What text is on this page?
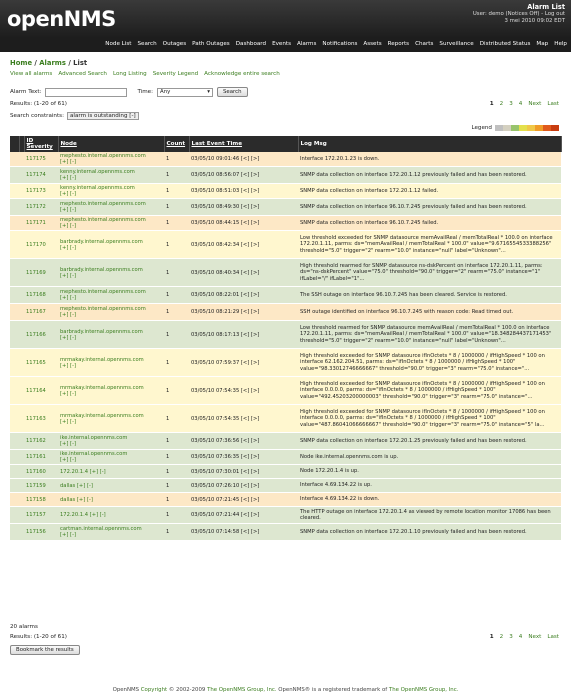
openNMS	Alarm List
User: demo (Notices Off) - Log out
3 mei 2010 09:02 EDT
Node List Search Outages Path Outages Dashboard Events Alarms Notifications Assets Reports Charts Surveillance Distributed Status Map Help
Home / Alarms / List
View all alarms Advanced Search Long Listing Severity Legend Acknowledge entire search
Alarm Text:	Time:	Any	▾	Search
Results: (1-20 of 61)	1 2 3 4 Next Last
Search constraints:	alarm is outstanding [-]
Legend
		ID
Severity	Node	Count	Last Event Time	Log Msg

	117175	mephesto.internal.opennms.com
[+] [-]	1	03/05/10 09:01:46 [<] [>]	Interface 172.20.1.23 is down.

	117174	kenny.internal.opennms.com
[+] [-]	1	03/05/10 08:56:07 [<] [>]	SNMP data collection on interface 172.20.1.12 previously failed and has been restored.

	117173	kenny.internal.opennms.com
[+] [-]	1	03/05/10 08:51:03 [<] [>]	SNMP data collection on interface 172.20.1.12 failed.

	117172	mephesto.internal.opennms.com
[+] [-]	1	03/05/10 08:49:30 [<] [>]	SNMP data collection on interface 96.10.7.245 previously failed and has been restored.

	117171	mephesto.internal.opennms.com
[+] [-]	1	03/05/10 08:44:15 [<] [>]	SNMP data collection on interface 96.10.7.245 failed.

	117170	barbrady.internal.opennms.com
[+] [-]	1	03/05/10 08:42:34 [<] [>]	Low threshold exceeded for SNMP datasource memAvailReal / memTotalReal * 100.0 on interface 172.20.1.11, parms: ds="memAvailReal / memTotalReal * 100.0" value="9.6716554533388256" threshold="5.0" trigger="2" rearm="10.0" instance="null" label="Unknown"...

	117169	barbrady.internal.opennms.com
[+] [-]	1	03/05/10 08:40:34 [<] [>]	High threshold rearmed for SNMP datasource ns-dskPercent on interface 172.20.1.11, parms: ds="ns-dskPercent" value="75.0" threshold="90.0" trigger="2" rearm="75.0" instance="1" ifLabel="/" ifLabel="1"...

	117168	mephesto.internal.opennms.com
[+] [-]	1	03/05/10 08:22:01 [<] [>]	The SSH outage on interface 96.10.7.245 has been cleared. Service is restored.

	117167	mephesto.internal.opennms.com
[+] [-]	1	03/05/10 08:21:29 [<] [>]	SSH outage identified on interface 96.10.7.245 with reason code: Read timed out.

	117166	barbrady.internal.opennms.com
[+] [-]	1	03/05/10 08:17:13 [<] [>]	Low threshold rearmed for SNMP datasource memAvailReal / memTotalReal * 100.0 on interface 172.20.1.11, parms: ds="memAvailReal / memTotalReal * 100.0" value="18.348284437171453" threshold="5.0" trigger="2" rearm="10.0" instance="null" label="Unknown"...

	117165	mrmakay.internal.opennms.com
[+] [-]	1	03/05/10 07:59:37 [<] [>]	High threshold exceeded for SNMP datasource ifInOctets * 8 / 1000000 / ifHighSpeed * 100 on interface 62.162.204.51, parms: ds="ifInOctets * 8 / 1000000 / ifHighSpeed * 100" value="98.33012746666667" threshold="90.0" trigger="3" rearm="75.0" instance="...

	117164	mrmakay.internal.opennms.com
[+] [-]	1	03/05/10 07:54:35 [<] [>]	High threshold exceeded for SNMP datasource ifInOctets * 8 / 1000000 / ifHighSpeed * 100 on interface 0.0.0.0, parms: ds="ifInOctets * 8 / 1000000 / ifHighSpeed * 100" value="492.45203200000003" threshold="90.0" trigger="3" rearm="75.0" instance="...

	117163	mrmakay.internal.opennms.com
[+] [-]	1	03/05/10 07:54:35 [<] [>]	High threshold exceeded for SNMP datasource ifInOctets * 8 / 1000000 / ifHighSpeed * 100 on interface 0.0.0.0, parms: ds="ifInOctets * 8 / 1000000 / ifHighSpeed * 100" value="487.86041066666667" threshold="90.0" trigger="3" rearm="75.0" instance="5" la...

	117162	ike.internal.opennms.com
[+] [-]	1	03/05/10 07:36:56 [<] [>]	SNMP data collection on interface 172.20.1.25 previously failed and has been restored.

	117161	ike.internal.opennms.com
[+] [-]	1	03/05/10 07:36:35 [<] [>]	Node ike.internal.opennms.com is up.

	117160	172.20.1.4 [+] [-]	1	03/05/10 07:30:01 [<] [>]	Node 172.20.1.4 is up.

	117159	dallas [+] [-]	1	03/05/10 07:26:10 [<] [>]	Interface 4.69.134.22 is up.

	117158	dallas [+] [-]	1	03/05/10 07:21:45 [<] [>]	Interface 4.69.134.22 is down.

	117157	172.20.1.4 [+] [-]	1	03/05/10 07:21:44 [<] [>]	The HTTP outage on interface 172.20.1.4 as viewed by remote location monitor 17086 has been cleared.

	117156	cartman.internal.opennms.com
[+] [-]	1	03/05/10 07:14:58 [<] [>]	SNMP data collection on interface 172.20.1.10 previously failed and has been restored.
20 alarms
Results: (1-20 of 61)	1 2 3 4 Next Last
Bookmark the results
OpenNMS Copyright © 2002-2009 The OpenNMS Group, Inc. OpenNMS® is a registered trademark of The OpenNMS Group, Inc.
